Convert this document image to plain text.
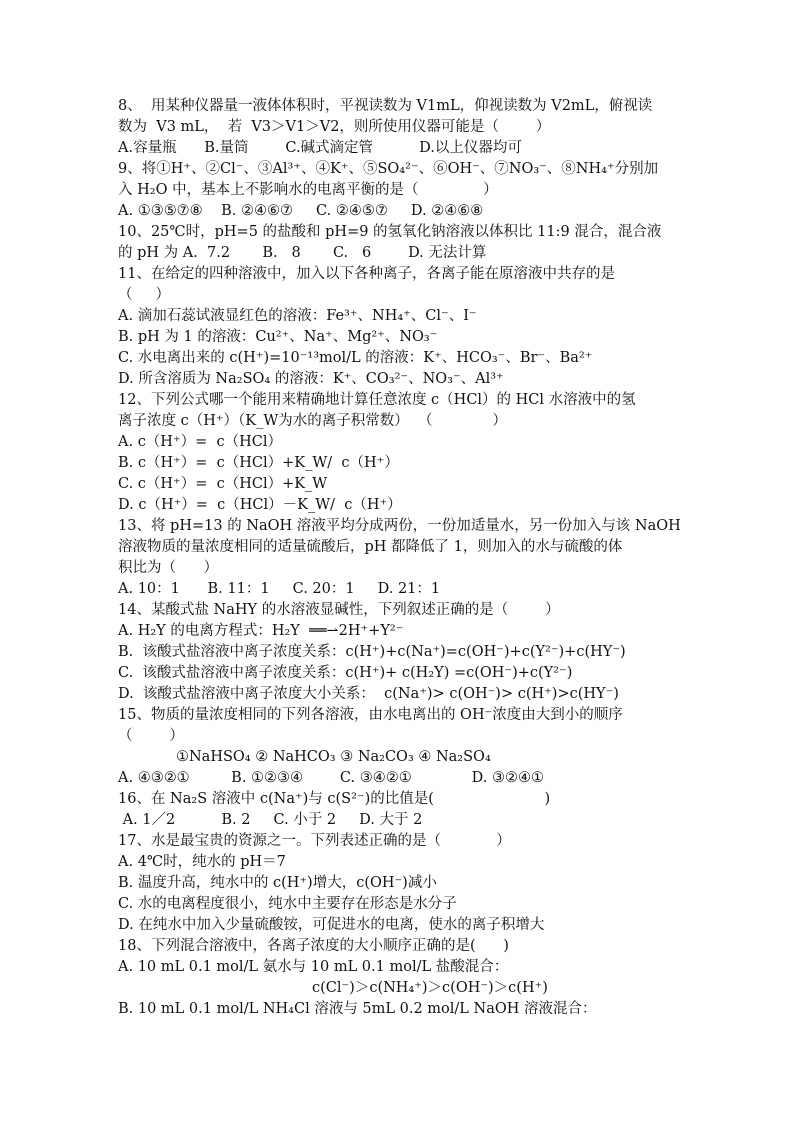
8、  用某种仪器量一液体体积时，平视读数为 V1mL，仰视读数为 V2mL，俯视读
数为  V3 mL，  若  V3＞V1＞V2，则所使用仪器可能是（        ）
A.容量瓶      B.量筒        C.碱式滴定管          D.以上仪器均可
9、将①H⁺、②Cl⁻、③Al³⁺、④K⁺、⑤SO₄²⁻、⑥OH⁻、⑦NO₃⁻、⑧NH₄⁺分别加
入 H₂O 中，基本上不影响水的电离平衡的是（              ）
A. ①③⑤⑦⑧    B. ②④⑥⑦     C. ②④⑤⑦     D. ②④⑥⑧
10、25℃时，pH=5 的盐酸和 pH=9 的氢氧化钠溶液以体积比 11:9 混合，混合液
的 pH 为 A.  7.2       B.   8       C.   6        D. 无法计算
11、在给定的四种溶液中，加入以下各种离子，各离子能在原溶液中共存的是
（     ）
A. 滴加石蕊试液显红色的溶液：Fe³⁺、NH₄⁺、Cl⁻、I⁻
B. pH 为 1 的溶液：Cu²⁺、Na⁺、Mg²⁺、NO₃⁻
C. 水电离出来的 c(H⁺)=10⁻¹³mol/L 的溶液：K⁺、HCO₃⁻、Br⁻、Ba²⁺
D. 所含溶质为 Na₂SO₄ 的溶液：K⁺、CO₃²⁻、NO₃⁻、Al³⁺
12、下列公式哪一个能用来精确地计算任意浓度 c（HCl）的 HCl 水溶液中的氢
离子浓度 c（H⁺）（K_W为水的离子积常数）  （             ）
A. c（H⁺）=  c（HCl）
B. c（H⁺）=  c（HCl）+K_W/  c（H⁺）
C. c（H⁺）=  c（HCl）+K_W
D. c（H⁺）=  c（HCl）－K_W/  c（H⁺）
13、将 pH=13 的 NaOH 溶液平均分成两份，一份加适量水，另一份加入与该 NaOH
溶液物质的量浓度相同的适量硫酸后，pH 都降低了 1，则加入的水与硫酸的体
积比为（      ）
A. 10：1      B. 11：1     C. 20：1     D. 21：1
14、某酸式盐 NaHY 的水溶液显碱性，下列叙述正确的是（        ）
A. H₂Y 的电离方程式：H₂Y  ══⇀2H⁺+Y²⁻
B.  该酸式盐溶液中离子浓度关系：c(H⁺)+c(Na⁺)=c(OH⁻)+c(Y²⁻)+c(HY⁻)
C.  该酸式盐溶液中离子浓度关系：c(H⁺)+ c(H₂Y) =c(OH⁻)+c(Y²⁻)
D.  该酸式盐溶液中离子浓度大小关系：  c(Na⁺)> c(OH⁻)> c(H⁺)>c(HY⁻)
15、物质的量浓度相同的下列各溶液，由水电离出的 OH⁻浓度由大到小的顺序
（        ）
①NaHSO₄ ② NaHCO₃ ③ Na₂CO₃ ④ Na₂SO₄
A. ④③②①         B. ①②③④        C. ③④②①             D. ③②④①
16、在 Na₂S 溶液中 c(Na⁺)与 c(S²⁻)的比值是(                        )
A. 1／2          B. 2     C. 小于 2     D. 大于 2
17、水是最宝贵的资源之一。下列表述正确的是（            ）
A. 4℃时，纯水的 pH＝7
B. 温度升高，纯水中的 c(H⁺)增大，c(OH⁻)减小
C. 水的电离程度很小，纯水中主要存在形态是水分子
D. 在纯水中加入少量硫酸铵，可促进水的电离，使水的离子积增大
18、下列混合溶液中，各离子浓度的大小顺序正确的是(      )
A. 10 mL 0.1 mol/L 氨水与 10 mL 0.1 mol/L 盐酸混合：
c(Cl⁻)＞c(NH₄⁺)＞c(OH⁻)＞c(H⁺)
B. 10 mL 0.1 mol/L NH₄Cl 溶液与 5mL 0.2 mol/L NaOH 溶液混合：
